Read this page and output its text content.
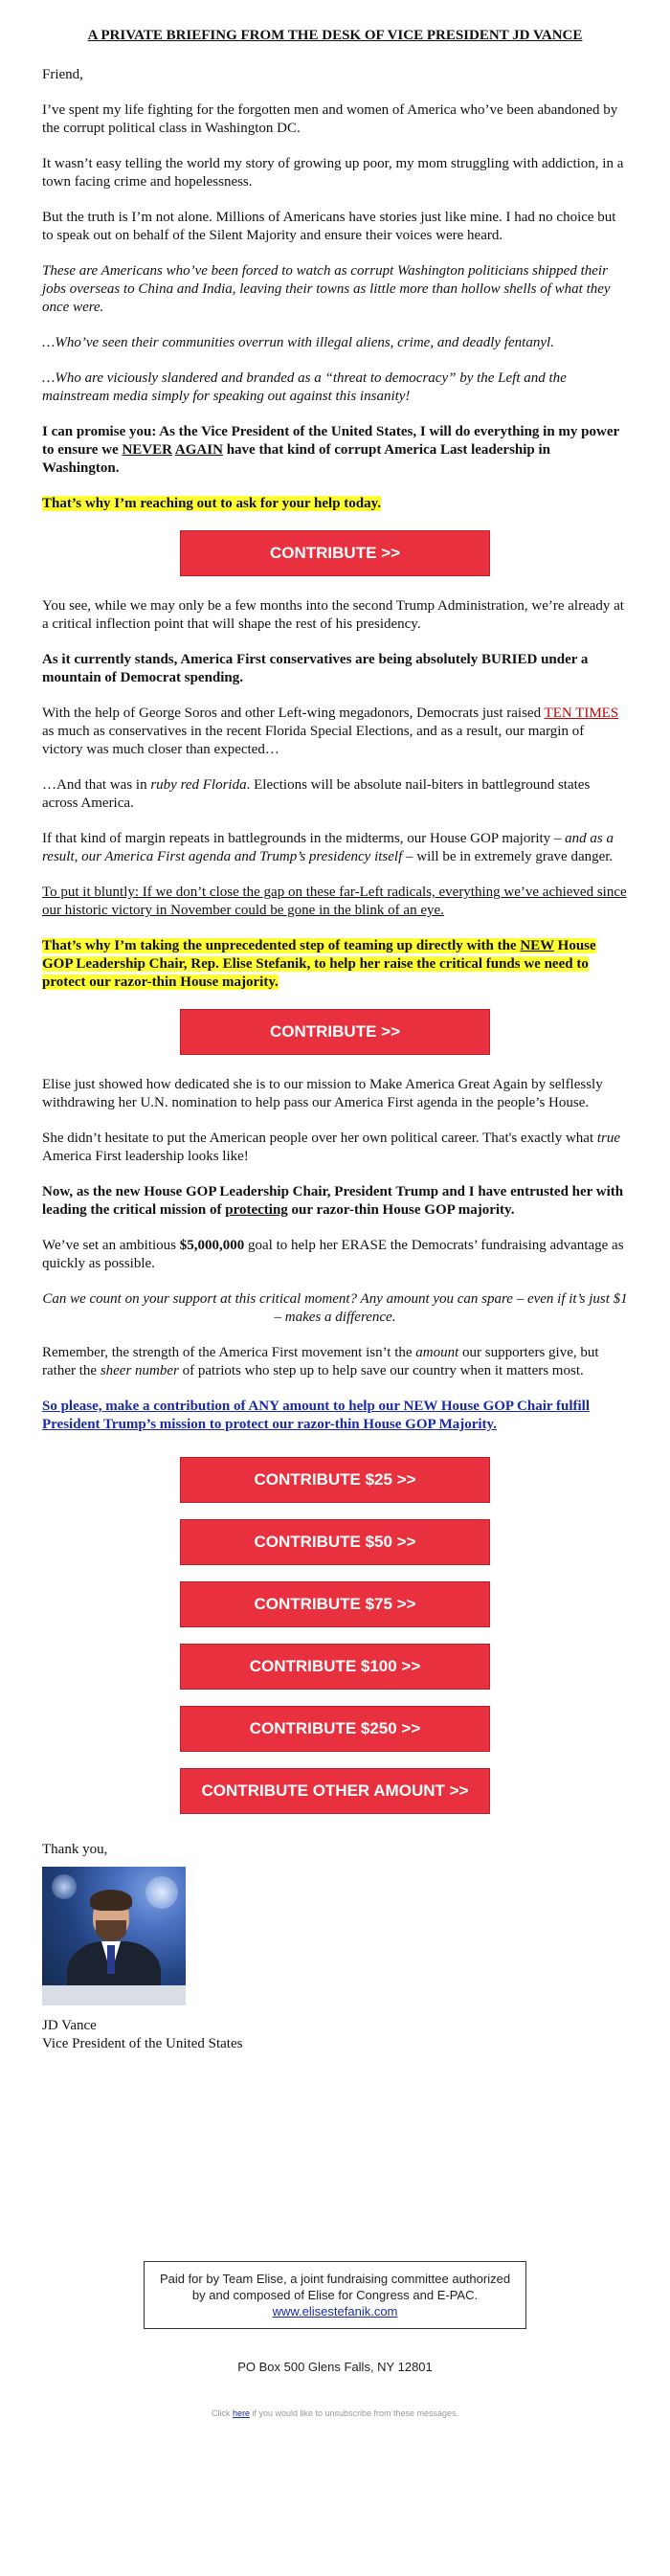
A PRIVATE BRIEFING FROM THE DESK OF VICE PRESIDENT JD VANCE

Friend,

I’ve spent my life fighting for the forgotten men and women of America who’ve been abandoned by the corrupt political class in Washington DC.

It wasn’t easy telling the world my story of growing up poor, my mom struggling with addiction, in a town facing crime and hopelessness.

But the truth is I’m not alone. Millions of Americans have stories just like mine. I had no choice but to speak out on behalf of the Silent Majority and ensure their voices were heard.

These are Americans who’ve been forced to watch as corrupt Washington politicians shipped their jobs overseas to China and India, leaving their towns as little more than hollow shells of what they once were.

…Who’ve seen their communities overrun with illegal aliens, crime, and deadly fentanyl.

…Who are viciously slandered and branded as a “threat to democracy” by the Left and the mainstream media simply for speaking out against this insanity!

I can promise you: As the Vice President of the United States, I will do everything in my power to ensure we NEVER AGAIN have that kind of corrupt America Last leadership in Washington.

That’s why I’m reaching out to ask for your help today.

CONTRIBUTE >>

You see, while we may only be a few months into the second Trump Administration, we’re already at a critical inflection point that will shape the rest of his presidency.

As it currently stands, America First conservatives are being absolutely BURIED under a mountain of Democrat spending.

With the help of George Soros and other Left-wing megadonors, Democrats just raised TEN TIMES as much as conservatives in the recent Florida Special Elections, and as a result, our margin of victory was much closer than expected…

…And that was in ruby red Florida. Elections will be absolute nail-biters in battleground states across America.

If that kind of margin repeats in battlegrounds in the midterms, our House GOP majority – and as a result, our America First agenda and Trump’s presidency itself – will be in extremely grave danger.

To put it bluntly: If we don’t close the gap on these far-Left radicals, everything we’ve achieved since our historic victory in November could be gone in the blink of an eye.

That’s why I’m taking the unprecedented step of teaming up directly with the NEW House GOP Leadership Chair, Rep. Elise Stefanik, to help her raise the critical funds we need to protect our razor-thin House majority.

CONTRIBUTE >>

Elise just showed how dedicated she is to our mission to Make America Great Again by selflessly withdrawing her U.N. nomination to help pass our America First agenda in the people’s House.

She didn’t hesitate to put the American people over her own political career. That's exactly what true America First leadership looks like!

Now, as the new House GOP Leadership Chair, President Trump and I have entrusted her with leading the critical mission of protecting our razor-thin House GOP majority.

We’ve set an ambitious $5,000,000 goal to help her ERASE the Democrats’ fundraising advantage as quickly as possible.

Can we count on your support at this critical moment? Any amount you can spare – even if it’s just $1 – makes a difference.

Remember, the strength of the America First movement isn’t the amount our supporters give, but rather the sheer number of patriots who step up to help save our country when it matters most.

So please, make a contribution of ANY amount to help our NEW House GOP Chair fulfill President Trump’s mission to protect our razor-thin House GOP Majority.

CONTRIBUTE $25 >>
CONTRIBUTE $50 >>
CONTRIBUTE $75 >>
CONTRIBUTE $100 >>
CONTRIBUTE $250 >>
CONTRIBUTE OTHER AMOUNT >>

Thank you,

JD Vance

Vice President of the United States

Paid for by Team Elise, a joint fundraising committee authorized by and composed of Elise for Congress and E-PAC. www.elisestefanik.com

PO Box 500 Glens Falls, NY 12801

Click here if you would like to unsubscribe from these messages.
